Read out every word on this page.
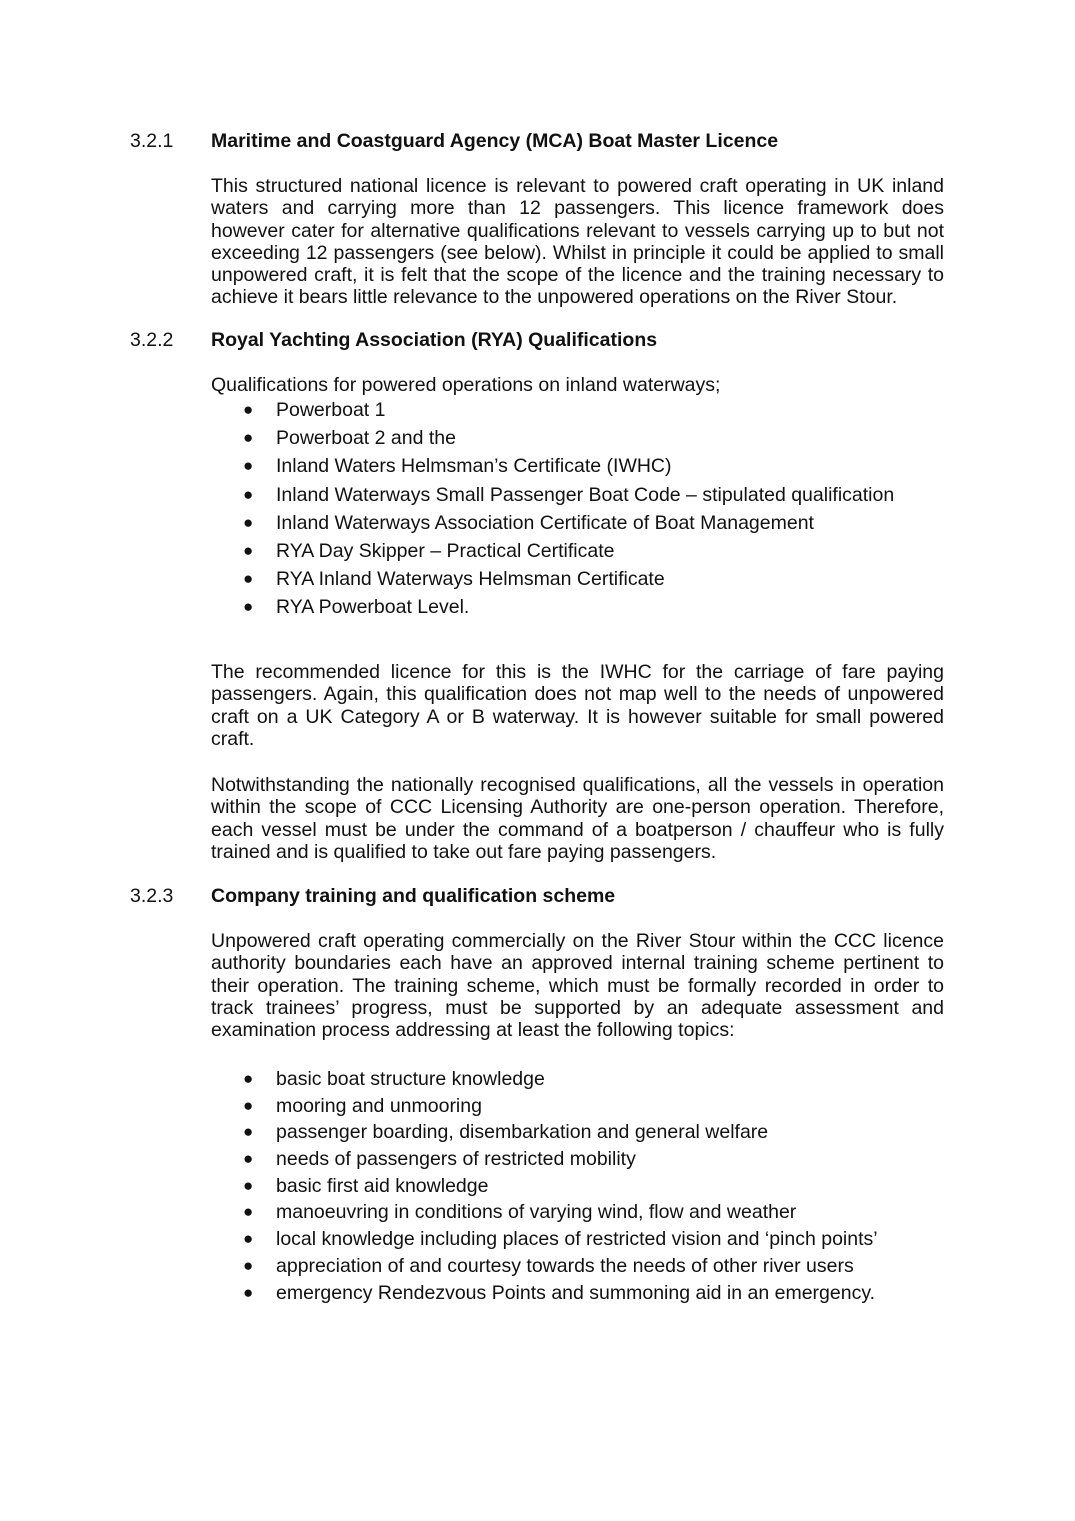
3.2.1 Maritime and Coastguard Agency (MCA) Boat Master Licence

This structured national licence is relevant to powered craft operating in UK inland waters and carrying more than 12 passengers. This licence framework does however cater for alternative qualifications relevant to vessels carrying up to but not exceeding 12 passengers (see below). Whilst in principle it could be applied to small unpowered craft, it is felt that the scope of the licence and the training necessary to achieve it bears little relevance to the unpowered operations on the River Stour.

3.2.2 Royal Yachting Association (RYA) Qualifications

Qualifications for powered operations on inland waterways;

● Powerboat 1
● Powerboat 2 and the
● Inland Waters Helmsman’s Certificate (IWHC)
● Inland Waterways Small Passenger Boat Code – stipulated qualification
● Inland Waterways Association Certificate of Boat Management
● RYA Day Skipper – Practical Certificate
● RYA Inland Waterways Helmsman Certificate
● RYA Powerboat Level.

The recommended licence for this is the IWHC for the carriage of fare paying passengers. Again, this qualification does not map well to the needs of unpowered craft on a UK Category A or B waterway. It is however suitable for small powered craft.

Notwithstanding the nationally recognised qualifications, all the vessels in operation within the scope of CCC Licensing Authority are one-person operation. Therefore, each vessel must be under the command of a boatperson / chauffeur who is fully trained and is qualified to take out fare paying passengers.

3.2.3 Company training and qualification scheme

Unpowered craft operating commercially on the River Stour within the CCC licence authority boundaries each have an approved internal training scheme pertinent to their operation. The training scheme, which must be formally recorded in order to track trainees’ progress, must be supported by an adequate assessment and examination process addressing at least the following topics:

● basic boat structure knowledge
● mooring and unmooring
● passenger boarding, disembarkation and general welfare
● needs of passengers of restricted mobility
● basic first aid knowledge
● manoeuvring in conditions of varying wind, flow and weather
● local knowledge including places of restricted vision and ‘pinch points’
● appreciation of and courtesy towards the needs of other river users
● emergency Rendezvous Points and summoning aid in an emergency.
